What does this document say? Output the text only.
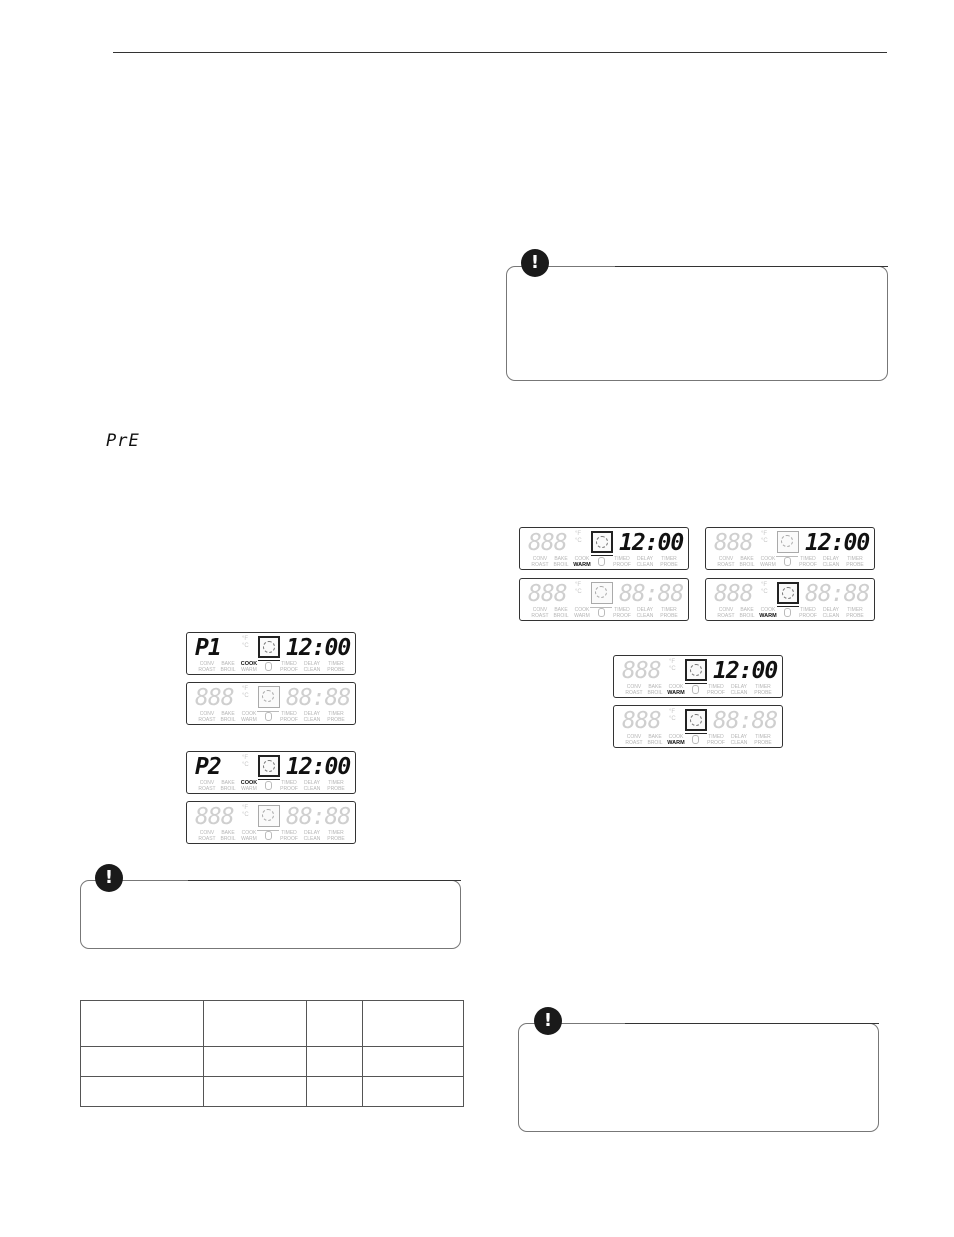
PrE
!
!
!

P1	°F
°C 12:00
CONV
ROAST
BAKE
BROIL
COOK
WARM
TIMED
PROOF
DELAY
CLEAN
TIMER
PROBE
888 °F
°C 88:88
CONV
ROAST
BAKE
BROIL
COOK
WARM
TIMED
PROOF
DELAY
CLEAN
TIMER
PROBE
P2	°F
°C 12:00
CONV
ROAST
BAKE
BROIL
COOK
WARM
TIMED
PROOF
DELAY
CLEAN
TIMER
PROBE
888 °F
°C 88:88
CONV
ROAST
BAKE
BROIL
COOK
WARM
TIMED
PROOF
DELAY
CLEAN
TIMER
PROBE
888 °F
°C 12:00
CONV
ROAST
BAKE
BROIL
COOK
WARM
TIMED
PROOF
DELAY
CLEAN
TIMER
PROBE
888 °F
°C 88:88
CONV
ROAST
BAKE
BROIL
COOK
WARM
TIMED
PROOF
DELAY
CLEAN
TIMER
PROBE
888 °F
°C 12:00
CONV
ROAST
BAKE
BROIL
COOK
WARM
TIMED
PROOF
DELAY
CLEAN
TIMER
PROBE
888 °F
°C 88:88
CONV
ROAST
BAKE
BROIL
COOK
WARM
TIMED
PROOF
DELAY
CLEAN
TIMER
PROBE
888 °F
°C 12:00
CONV
ROAST
BAKE
BROIL
COOK
WARM
TIMED
PROOF
DELAY
CLEAN
TIMER
PROBE
888 °F
°C 88:88
CONV
ROAST
BAKE
BROIL
COOK
WARM
TIMED
PROOF
DELAY
CLEAN
TIMER
PROBE
